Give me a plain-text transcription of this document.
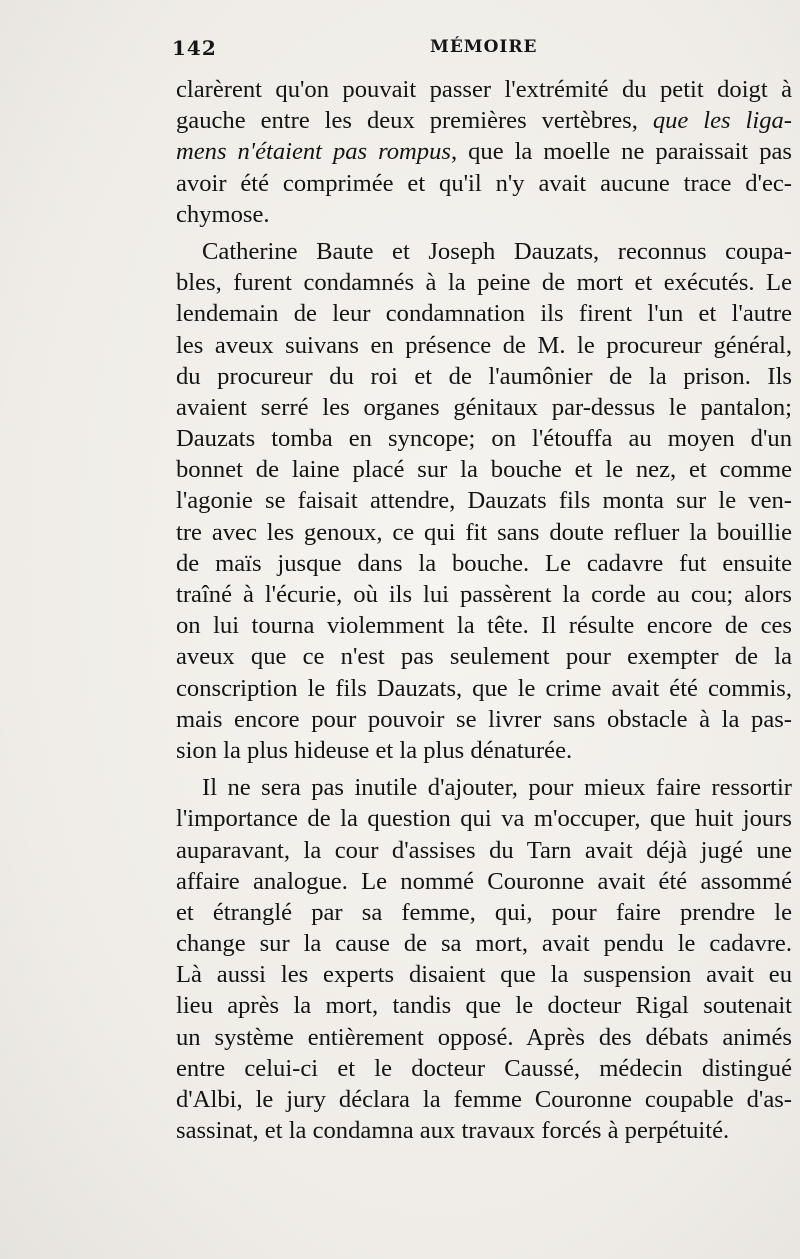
142	MÉMOIRE
clarèrent qu'on pouvait passer l'extrémité du petit doigt à
gauche entre les deux premières vertèbres, que les liga-
mens n'étaient pas rompus, que la moelle ne paraissait pas
avoir été comprimée et qu'il n'y avait aucune trace d'ec-
chymose.
Catherine Baute et Joseph Dauzats, reconnus coupa-
bles, furent condamnés à la peine de mort et exécutés. Le
lendemain de leur condamnation ils firent l'un et l'autre
les aveux suivans en présence de M. le procureur général,
du procureur du roi et de l'aumônier de la prison. Ils
avaient serré les organes génitaux par-dessus le pantalon;
Dauzats tomba en syncope; on l'étouffa au moyen d'un
bonnet de laine placé sur la bouche et le nez, et comme
l'agonie se faisait attendre, Dauzats fils monta sur le ven-
tre avec les genoux, ce qui fit sans doute refluer la bouillie
de maïs jusque dans la bouche. Le cadavre fut ensuite
traîné à l'écurie, où ils lui passèrent la corde au cou; alors
on lui tourna violemment la tête. Il résulte encore de ces
aveux que ce n'est pas seulement pour exempter de la
conscription le fils Dauzats, que le crime avait été commis,
mais encore pour pouvoir se livrer sans obstacle à la pas-
sion la plus hideuse et la plus dénaturée.
Il ne sera pas inutile d'ajouter, pour mieux faire ressortir
l'importance de la question qui va m'occuper, que huit jours
auparavant, la cour d'assises du Tarn avait déjà jugé une
affaire analogue. Le nommé Couronne avait été assommé
et étranglé par sa femme, qui, pour faire prendre le
change sur la cause de sa mort, avait pendu le cadavre.
Là aussi les experts disaient que la suspension avait eu
lieu après la mort, tandis que le docteur Rigal soutenait
un système entièrement opposé. Après des débats animés
entre celui-ci et le docteur Caussé, médecin distingué
d'Albi, le jury déclara la femme Couronne coupable d'as-
sassinat, et la condamna aux travaux forcés à perpétuité.
